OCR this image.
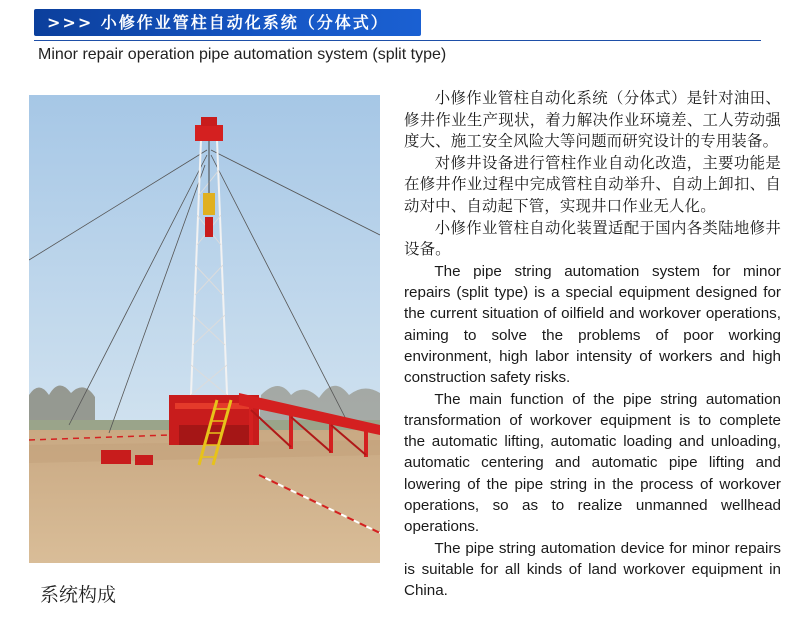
>>> 小修作业管柱自动化系统（分体式）
Minor repair operation pipe automation system (split type)
系统构成

小修作业管柱自动化系统（分体式）是针对油田、修井作业生产现状，着力解决作业环境差、工人劳动强度大、施工安全风险大等问题而研究设计的专用装备。

对修井设备进行管柱作业自动化改造，主要功能是在修井作业过程中完成管柱自动举升、自动上卸扣、自动对中、自动起下管，实现井口作业无人化。

小修作业管柱自动化装置适配于国内各类陆地修井设备。

The pipe string automation system for minor repairs (split type) is a special equipment designed for the current situation of oilfield and workover operations, aiming to solve the problems of poor working environment, high labor intensity of workers and high construction safety risks.

The main function of the pipe string automation transformation of workover equipment is to complete the automatic lifting, automatic loading and unloading, automatic centering and automatic pipe lifting and lowering of the pipe string in the process of workover operations, so as to realize unmanned wellhead operations.

The pipe string automation device for minor repairs is suitable for all kinds of land workover equipment in China.
